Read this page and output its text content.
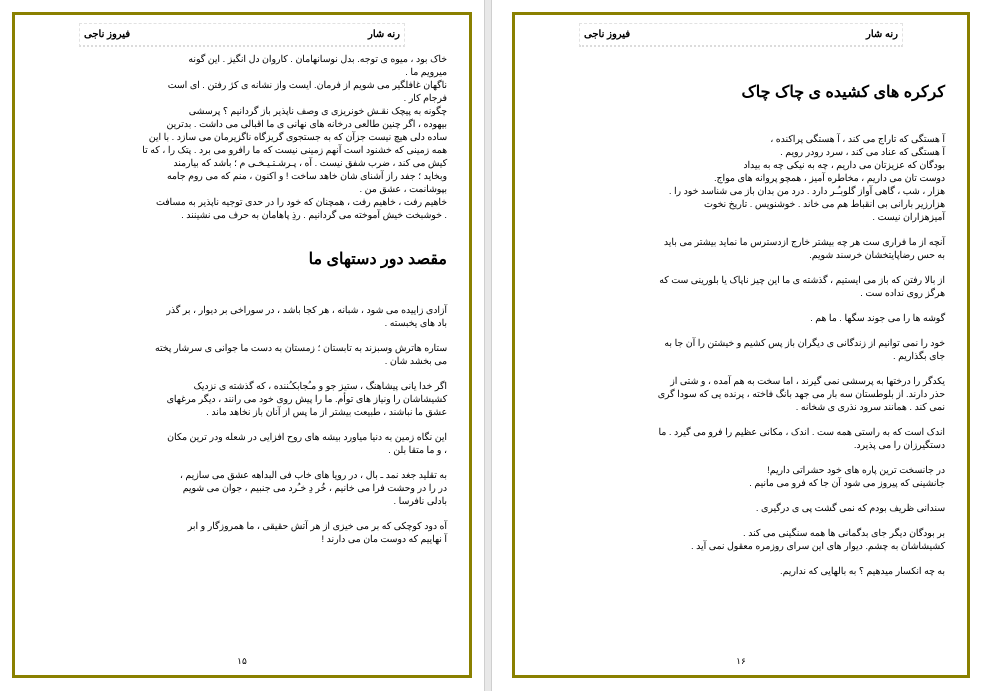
رنه شار
فیروز ناجی

خاک بود ، میوه ی توجه. بدل نوسانهامان . کاروان دل انگیز . این گونه
میرویم ما .

ناگهان غافلگیر می شویم از فرمان. ایست واز نشانه ی کژ رفتن . ای است
فرجام کار .

چگونه به پیچک نقـش خونریزی ی وصف ناپذیر باز گردانیم ؟ پرسشی
بیهوده ، اگر چنین طالعی درخانه های نهانی ی ما اقبالی می داشت . بدترین
ساده دلی هیچ نیست جزآن که به جستجوی گریزگاه ناگزیرمان می سازد . با این
همه زمینی که خشنود است آنهم زمینی نیست که ما رافرو می برد . پتک را ، که تا
کیش می کند ، ضرب شفق نیست . آه ، پـرشـتـیـخـی م ؛ باشد که بیارمند
وبخاید ؛ جفد راز آشنای شان خاهد ساخت ! و اکنون ، منم که می روم جامه
بپوشانمت ، عشق من .

خاهیم رفت ، خاهیم رفت ، همچنان که خود را در حدی توجیه ناپذیر به مسافت
. خوشبخت خیش آموخته می گردانیم . رذِ پاهامان به حرف می نشینند .

مقصد دور دستهای ما

آزادی زاییده می شود ، شبانه ، هر کجا باشد ، در سوراخی بر دیوار ، بر گذر
باد های یخبسته .

ستاره هاترش وسبزند به تابستان ؛ زمستان به دست ما جوانی ی سرشار پخته
می بخشد شان .

اگر خدا یانی پیشاهنگ ، ستیز جو و مـُجابکـُننده ، که گذشته ی نزدیک
کشیشاشان را ونیاز های توأم. ما را پیش روی خود می رانند ، دیگر مرغهای
عشق ما نباشند ، طبیعت بیشتر از ما پس از آنان باز نخاهد ماند .

این نگاه زمین به دنیا میاورد بیشه های روح افزایی در شعله ودر ترین مکان
، و ما متقا بلن .

به تقلید جغد نمد ـ بال ، در رویا های خاب فی البداهه عشق می سازیم ،
در را در وحشت فرا می خانیم ، خُر دِ خـُرد می جنبیم ، جوان می شویم
بادلی نافرسا .

آه دود کوچکی که بر می خیزی از هر آتش حقیقی ، ما همروزگار و ابر
آ نهاییم که دوست مان می دارند !

۱۵
رنه شار
فیروز ناجی
کرکره های کشیده ی چاک چاک

آ هستگی که تاراج می کند ، آ هستگی پراکنده ،
آ هستگی که عناد می کند ، سرد رودر رویم .
بودگان که عزیزتان می داریم ، چه به نیکی چه به بیداد
دوست تان می داریم ، مخاطره آمیز ، همچو پروانه های مواج.
هزار ، شب ، گاهی آواز گلوبـُـر دارد . درد من بدان باز می شناسد خود را .
هزارزیر بارانی بی انقباط هم می خاند . خوشنویس . تاریخ نخوت
آمیزهزاران نیست .

آنچه از ما فراری ست هر چه بیشتر خارج ازدسترس ما نماید بیشتر می باید
به حس رضاپایتخشان خرسند شویم.

از بالا رفتن که باز می ایستیم ، گذشته ی ما این چیز ناپاک یا بلورینی ست که
هرگز روی نداده ست .

گوشه ها را می جوند سگها . ما هم .

خود را نمی توانیم از زندگانی ی دیگران باز پس کشیم و خیشتن را آن جا به
جای بگذاریم .

یکدگر را درختها به پرسشی نمی گیرند ، اما سخت به هم آمده ، و شتی از
حذر دارند. از بلوطستان سه بار می جهد بانگ فاخته ، پرنده یی که سودا گری
نمی کند . همانند سرود نذری ی شخانه .

اندک است که به راستی همه ست . اندک ، مکانی عظیم را فرو می گیرد . ما
دستگیرزان را می پذیرد.

در جانسخت ترین پاره های خود حشراتی داریم!
جانشینی که پیروز می شود آن جا که فرو می مانیم .

سندانی ظریف بودم که نمی گشت پی ی درگیری .

بر بودگان دیگر جای بدگمانی ها همه سنگینی می کند .
کشیشاشان به چشم. دیوار های این سرای روزمره معقول نمی آید .

به چه انکسار میدهیم ؟ به بالهایی که نداریم.

۱۶
